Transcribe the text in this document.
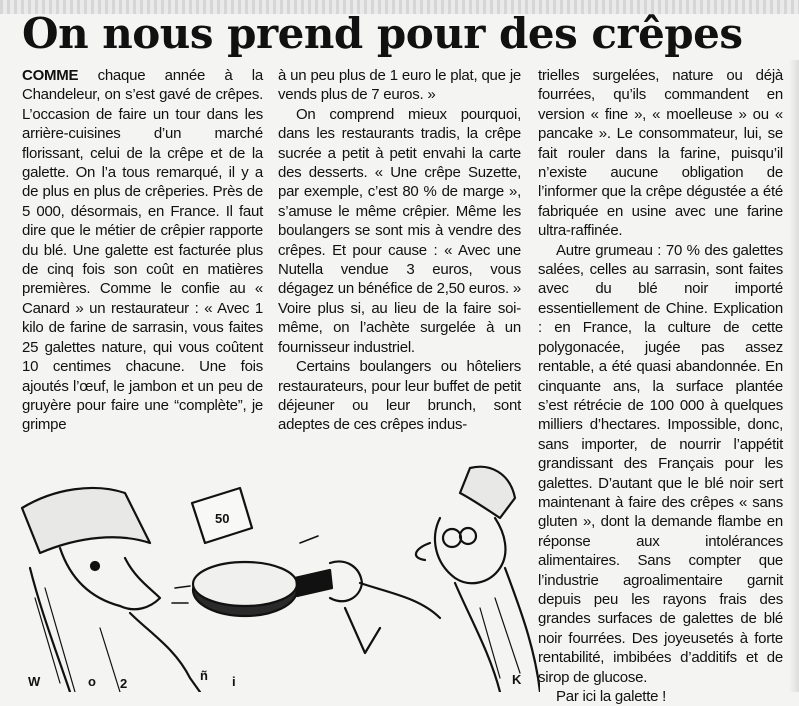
On nous prend pour des crêpes

COMME chaque année à la Chandeleur, on s’est gavé de crêpes. L’occasion de faire un tour dans les arrière-cuisines d’un marché florissant, celui de la crêpe et de la galette. On l’a tous remarqué, il y a de plus en plus de crêperies. Près de 5 000, désormais, en France. Il faut dire que le métier de crêpier rapporte du blé. Une galette est facturée plus de cinq fois son coût en matières premières. Comme le confie au « Canard » un restaurateur : « Avec 1 kilo de farine de sarrasin, vous faites 25 galettes nature, qui vous coûtent 10 centimes chacune. Une fois ajoutés l’œuf, le jambon et un peu de gruyère pour faire une “complète”, je grimpe

à un peu plus de 1 euro le plat, que je vends plus de 7 euros. »

On comprend mieux pourquoi, dans les restaurants tradis, la crêpe sucrée a petit à petit envahi la carte des desserts. « Une crêpe Suzette, par exemple, c’est 80 % de marge », s’amuse le même crêpier. Même les boulangers se sont mis à vendre des crêpes. Et pour cause : « Avec une Nutella vendue 3 euros, vous dégagez un bénéfice de 2,50 euros. » Voire plus si, au lieu de la faire soi-même, on l’achète surgelée à un fournisseur industriel.

Certains boulangers ou hôteliers restaurateurs, pour leur buffet de petit déjeuner ou leur brunch, sont adeptes de ces crêpes indus-

trielles surgelées, nature ou déjà fourrées, qu’ils commandent en version « fine », « moelleuse » ou « pancake ». Le consommateur, lui, se fait rouler dans la farine, puisqu’il n’existe aucune obligation de l’informer que la crêpe dégustée a été fabriquée en usine avec une farine ultra-raffinée.

Autre grumeau : 70 % des galettes salées, celles au sarrasin, sont faites avec du blé noir importé essentiellement de Chine. Explication : en France, la culture de cette polygonacée, jugée pas assez rentable, a été quasi abandonnée. En cinquante ans, la surface plantée s’est rétrécie de 100 000 à quelques milliers d’hectares. Impossible, donc, sans importer, de nourrir l’appétit grandissant des Français pour les galettes. D’autant que le blé noir sert maintenant à faire des crêpes « sans gluten », dont la demande flambe en réponse aux intolérances alimentaires. Sans compter que l’industrie agroalimentaire garnit depuis peu les rayons frais des grandes surfaces de galettes de blé noir fourrées. Des joyeusetés à forte rentabilité, imbibées d’additifs et de sirop de glucose.

Par ici la galette !

50
W	o 2
ñ i	K
